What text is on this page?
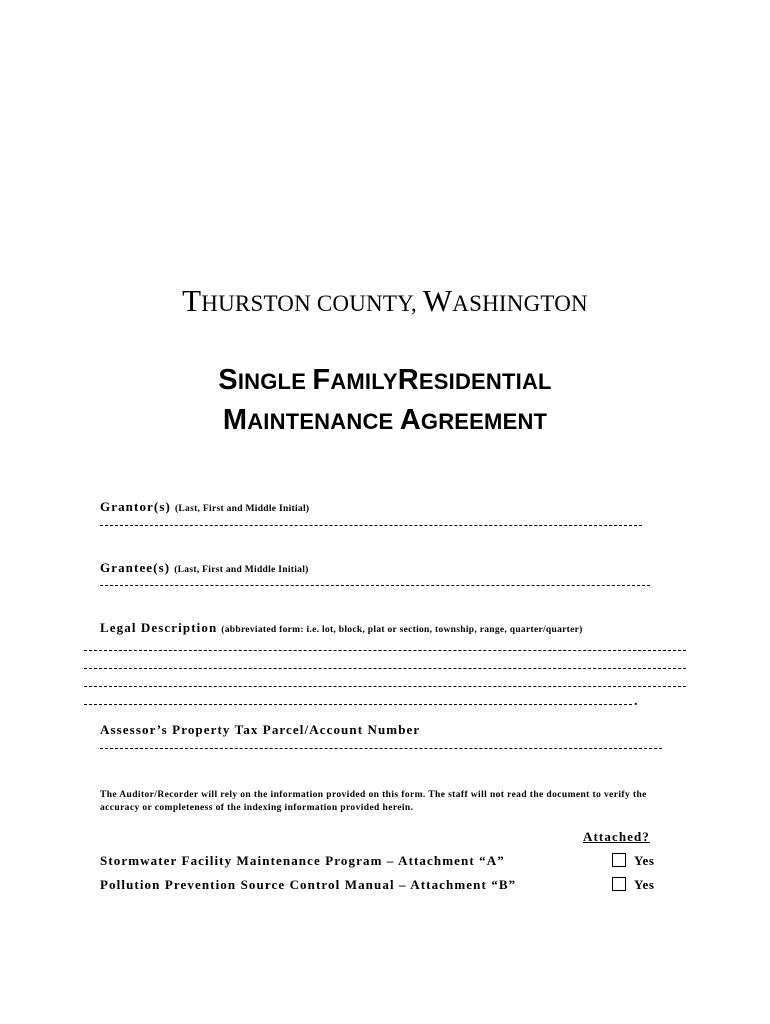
THURSTON COUNTY, WASHINGTON
SINGLE FAMILYRESIDENTIAL
MAINTENANCE AGREEMENT
Grantor(s) (Last, First and Middle Initial)
Grantee(s) (Last, First and Middle Initial)
Legal Description (abbreviated form: i.e. lot, block, plat or section, township, range, quarter/quarter)
.
Assessor’s Property Tax Parcel/Account Number
The Auditor/Recorder will rely on the information provided on this form. The staff will not read the document to verify the accuracy or completeness of the indexing information provided herein.
Attached?
Stormwater Facility Maintenance Program – Attachment “A”	Yes
Pollution Prevention Source Control Manual – Attachment “B”	Yes
